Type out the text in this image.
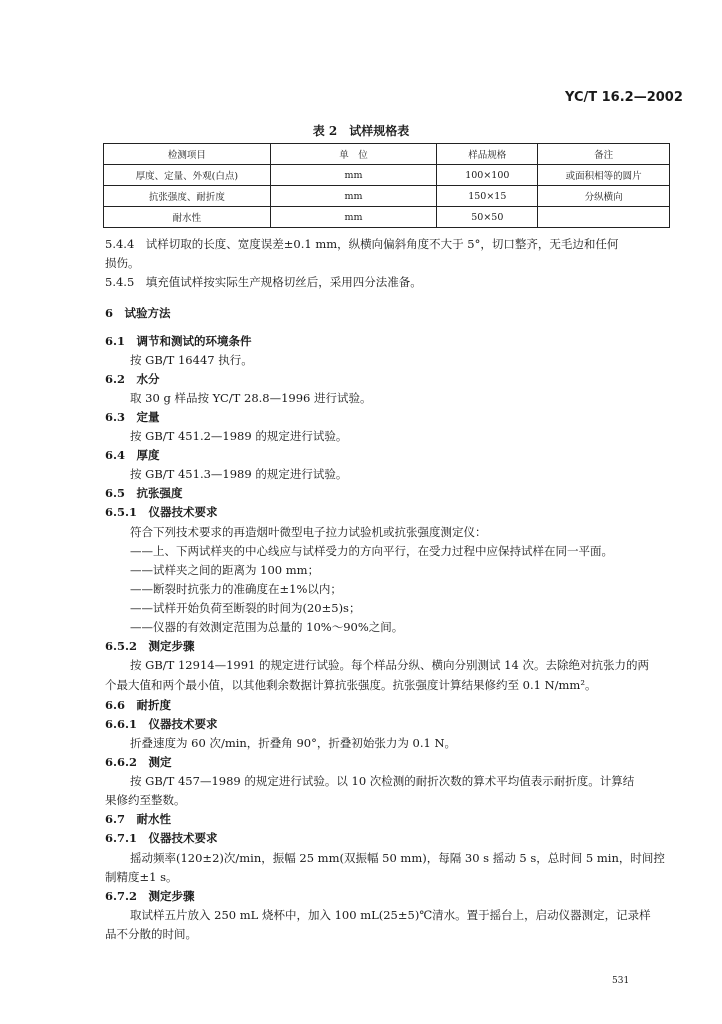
YC/T 16.2—2002
表 2　试样规格表
检测项目	单　位	样品规格	备注
厚度、定量、外观(白点)	mm	100×100	或面积相等的圆片
抗张强度、耐折度	mm	150×15	分纵横向
耐水性	mm	50×50	
5.4.4　试样切取的长度、宽度误差±0.1 mm，纵横向偏斜角度不大于 5°，切口整齐，无毛边和任何
损伤。
5.4.5　填充值试样按实际生产规格切丝后，采用四分法准备。
6　试验方法
6.1　调节和测试的环境条件
按 GB/T 16447 执行。
6.2　水分
取 30 g 样品按 YC/T 28.8—1996 进行试验。
6.3　定量
按 GB/T 451.2—1989 的规定进行试验。
6.4　厚度
按 GB/T 451.3—1989 的规定进行试验。
6.5　抗张强度
6.5.1　仪器技术要求
符合下列技术要求的再造烟叶微型电子拉力试验机或抗张强度测定仪：
——上、下两试样夹的中心线应与试样受力的方向平行，在受力过程中应保持试样在同一平面。
——试样夹之间的距离为 100 mm；
——断裂时抗张力的准确度在±1%以内；
——试样开始负荷至断裂的时间为(20±5)s；
——仪器的有效测定范围为总量的 10%～90%之间。
6.5.2　测定步骤
按 GB/T 12914—1991 的规定进行试验。每个样品分纵、横向分别测试 14 次。去除绝对抗张力的两
个最大值和两个最小值，以其他剩余数据计算抗张强度。抗张强度计算结果修约至 0.1 N/mm²。
6.6　耐折度
6.6.1　仪器技术要求
折叠速度为 60 次/min，折叠角 90°，折叠初始张力为 0.1 N。
6.6.2　测定
按 GB/T 457—1989 的规定进行试验。以 10 次检测的耐折次数的算术平均值表示耐折度。计算结
果修约至整数。
6.7　耐水性
6.7.1　仪器技术要求
摇动频率(120±2)次/min，振幅 25 mm(双振幅 50 mm)，每隔 30 s 摇动 5 s，总时间 5 min，时间控
制精度±1 s。
6.7.2　测定步骤
取试样五片放入 250 mL 烧杯中，加入 100 mL(25±5)℃清水。置于摇台上，启动仪器测定，记录样
品不分散的时间。
531
